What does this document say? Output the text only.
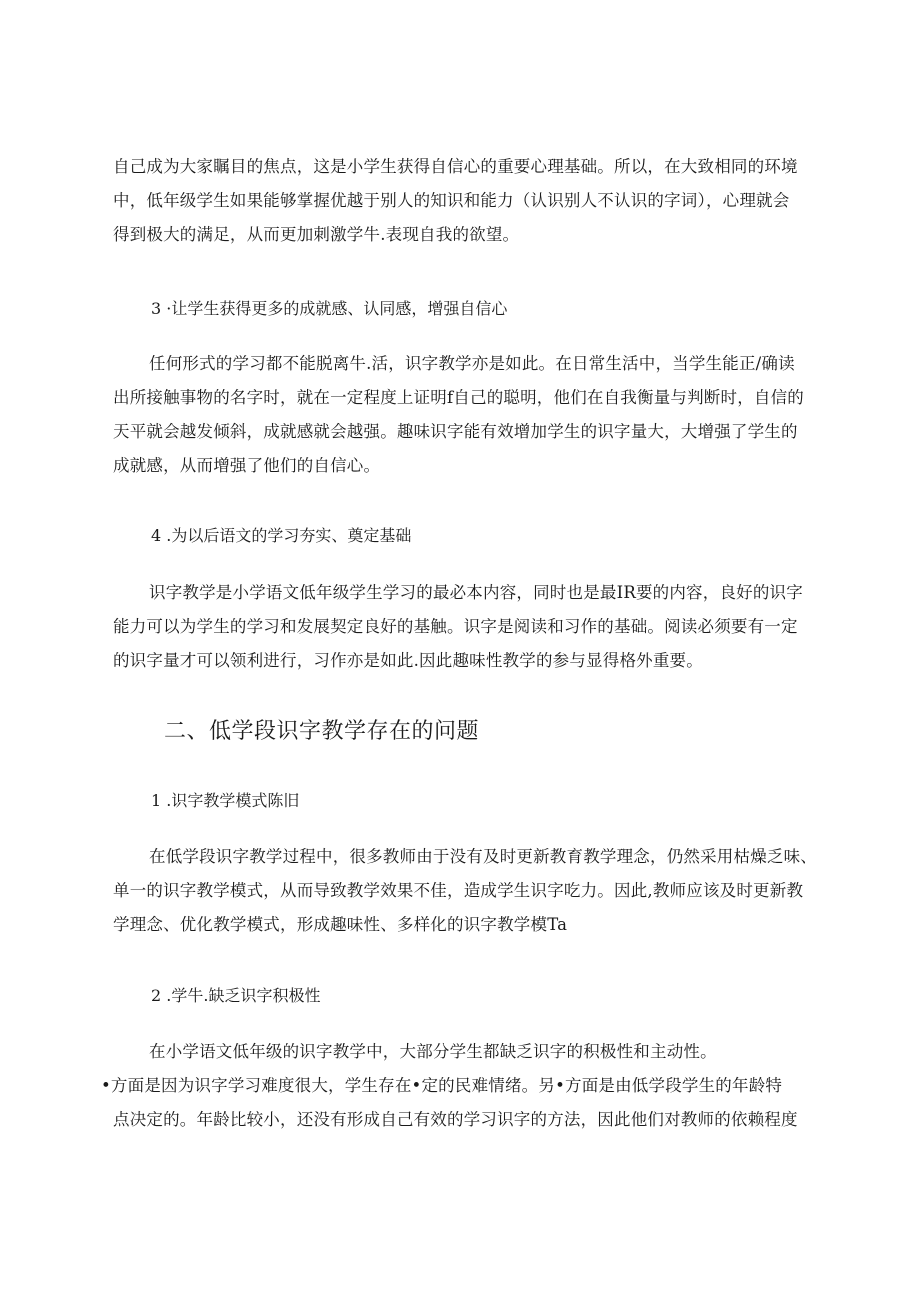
自己成为大家瞩目的焦点，这是小学生获得自信心的重要心理基础。所以，在大致相同的环境
中，低年级学生如果能够掌握优越于别人的知识和能力（认识别人不认识的字词），心理就会
得到极大的满足，从而更加刺激学牛.表现自我的欲望。

3 ·让学生获得更多的成就感、认同感，增强自信心

任何形式的学习都不能脱离牛.活，识字教学亦是如此。在日常生活中，当学生能正/确读
出所接触事物的名字时，就在一定程度上证明f自己的聪明，他们在自我衡量与判断时，自信的
天平就会越发倾斜，成就感就会越强。趣味识字能有效增加学生的识字量大，大增强了学生的
成就感，从而增强了他们的自信心。

4 .为以后语文的学习夯实、奠定基础

识字教学是小学语文低年级学生学习的最必本内容，同时也是最IR要的内容，良好的识字
能力可以为学生的学习和发展契定良好的基触。识字是阅读和习作的基础。阅读必须要有一定
的识字量才可以领利进行，习作亦是如此.因此趣味性教学的参与显得格外重要。

二、低学段识字教学存在的问题

1 .识字教学模式陈旧

在低学段识字教学过程中，很多教师由于没有及时更新教育教学理念，仍然采用枯燥乏味、
单一的识字教学模式，从而导致教学效果不佳，造成学生识字吃力。因此,教师应该及时更新教
学理念、优化教学模式，形成趣味性、多样化的识字教学模Ta

2 .学牛.缺乏识字积极性

在小学语文低年级的识字教学中，大部分学生都缺乏识字的积极性和主动性。
•方面是因为识字学习难度很大，学生存在•定的民难情绪。另•方面是由低学段学生的年龄特
点决定的。年龄比较小，还没有形成自己有效的学习识字的方法，因此他们对教师的依赖程度
